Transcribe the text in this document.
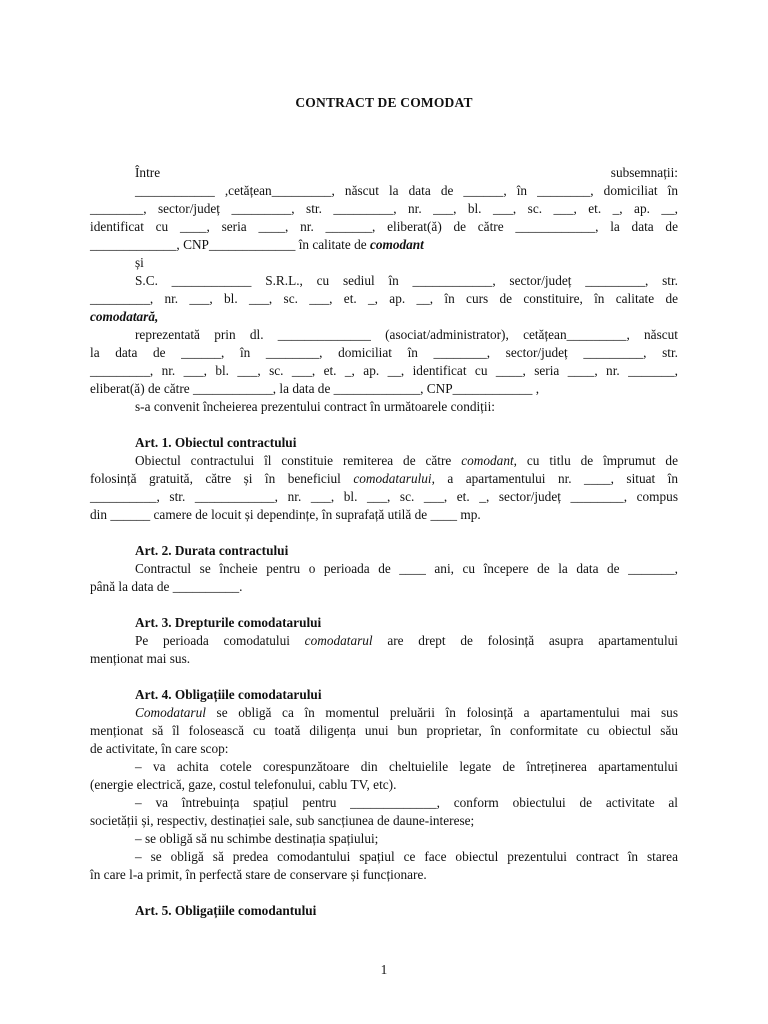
CONTRACT DE COMODAT
Între subsemnații:
____________ ,cetățean_________, născut la data de ______, în ________, domiciliat în
________, sector/județ _________, str. _________, nr. ___, bl. ___, sc. ___, et. _, ap. __,
identificat cu ____, seria ____, nr. _______, eliberat(ă) de către ____________, la data de
_____________, CNP_____________ în calitate de comodant
și
S.C. ____________ S.R.L., cu sediul în ____________, sector/județ _________, str.
_________, nr. ___, bl. ___, sc. ___, et. _, ap. __, în curs de constituire, în calitate de
comodatară,
reprezentată prin dl. ______________ (asociat/administrator), cetățean_________, născut
la data de ______, în ________, domiciliat în ________, sector/județ _________, str.
_________, nr. ___, bl. ___, sc. ___, et. _, ap. __, identificat cu ____, seria ____, nr. _______,
eliberat(ă) de către ____________, la data de _____________, CNP____________ ,
s-a convenit încheierea prezentului contract în următoarele condiții:

Art. 1. Obiectul contractului

Obiectul contractului îl constituie remiterea de către comodant, cu titlu de împrumut de
folosință gratuită, către și în beneficiul comodatarului, a apartamentului nr. ____, situat în
__________, str. ____________, nr. ___, bl. ___, sc. ___, et. _, sector/județ ________, compus
din ______ camere de locuit și dependințe, în suprafață utilă de ____ mp.

Art. 2. Durata contractului

Contractul se încheie pentru o perioada de ____ ani, cu începere de la data de _______,
până la data de __________.

Art. 3. Drepturile comodatarului

Pe perioada comodatului comodatarul are drept de folosință asupra apartamentului
menționat mai sus.

Art. 4. Obligațiile comodatarului

Comodatarul se obligă ca în momentul preluării în folosință a apartamentului mai sus
menționat să îl folosească cu toată diligența unui bun proprietar, în conformitate cu obiectul său
de activitate, în care scop:
– va achita cotele corespunzătoare din cheltuielile legate de întreținerea apartamentului
(energie electrică, gaze, costul telefonului, cablu TV, etc).
– va întrebuința spațiul pentru _____________, conform obiectului de activitate al
societății și, respectiv, destinației sale, sub sancțiunea de daune-interese;
– se obligă să nu schimbe destinația spațiului;
– se obligă să predea comodantului spațiul ce face obiectul prezentului contract în starea
în care l-a primit, în perfectă stare de conservare și funcționare.

Art. 5. Obligațiile comodantului

1
